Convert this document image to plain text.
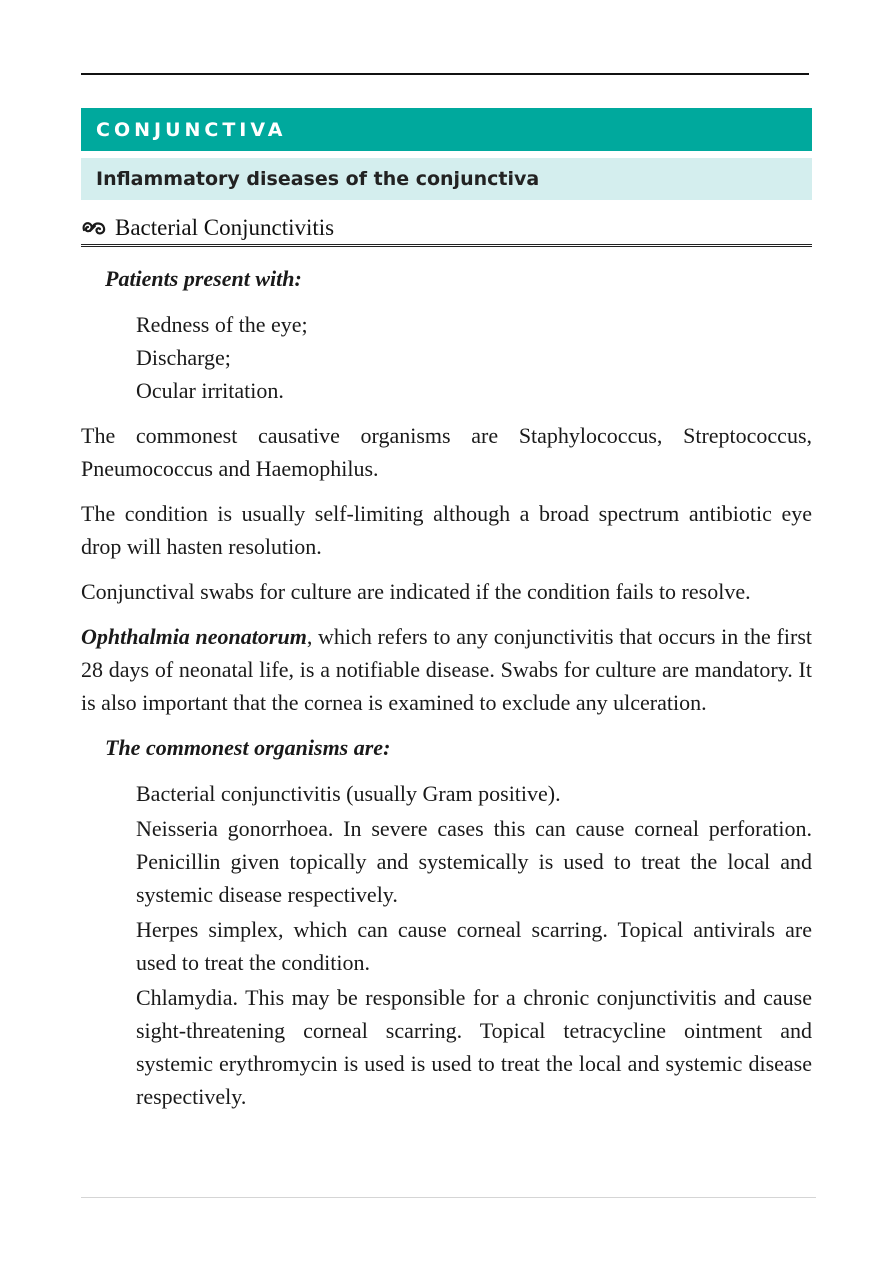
CONJUNCTIVA
Inflammatory diseases of the conjunctiva
Bacterial Conjunctivitis

Patients present with:

Redness of the eye;
Discharge;
Ocular irritation.

The commonest causative organisms are Staphylococcus, Streptococcus, Pneumococcus and Haemophilus.

The condition is usually self-limiting although a broad spectrum antibiotic eye drop will hasten resolution.

Conjunctival swabs for culture are indicated if the condition fails to resolve.

Ophthalmia neonatorum, which refers to any conjunctivitis that occurs in the first 28 days of neonatal life, is a notifiable disease. Swabs for culture are mandatory. It is also important that the cornea is examined to exclude any ulceration.

The commonest organisms are:

Bacterial conjunctivitis (usually Gram positive).
Neisseria gonorrhoea. In severe cases this can cause corneal perforation. Penicillin given topically and systemically is used to treat the local and systemic disease respectively.
Herpes simplex, which can cause corneal scarring. Topical antivirals are used to treat the condition.
Chlamydia. This may be responsible for a chronic conjunctivitis and cause sight-threatening corneal scarring. Topical tetracycline ointment and systemic erythromycin is used is used to treat the local and systemic disease respectively.
